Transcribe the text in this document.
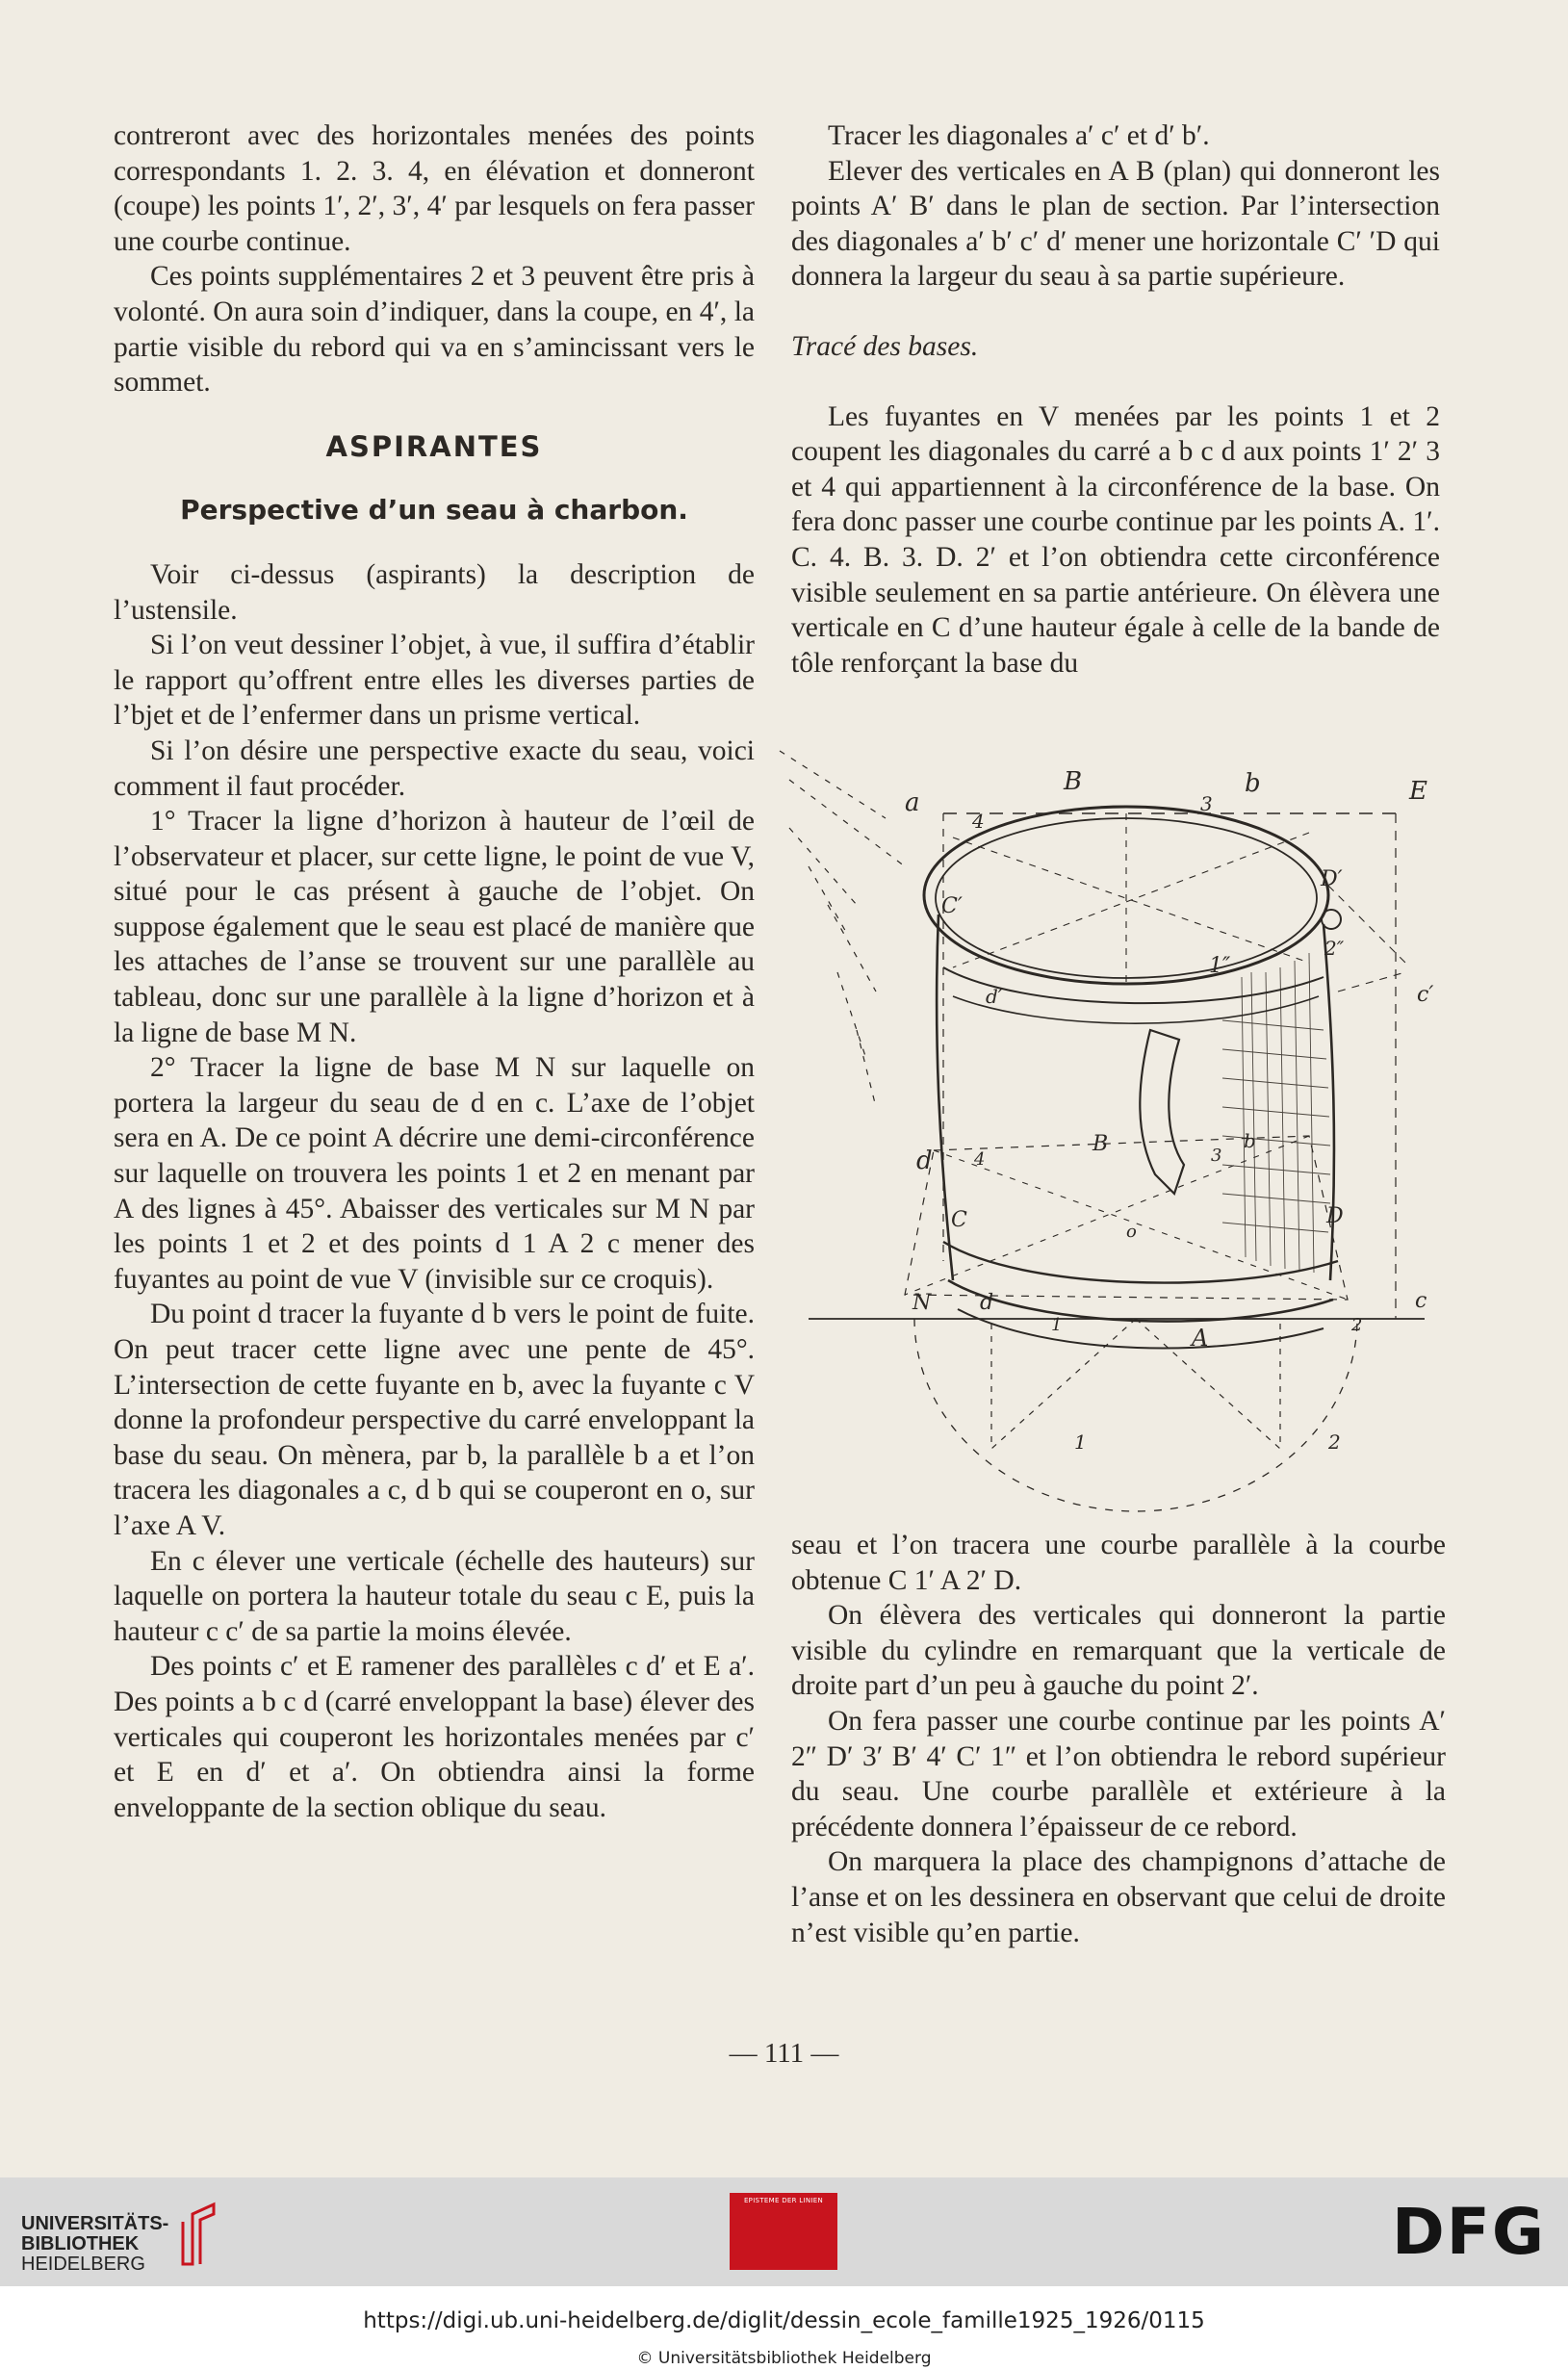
contreront avec des horizontales menées des points correspondants 1. 2. 3. 4, en élévation et donneront (coupe) les points 1′, 2′, 3′, 4′ par lesquels on fera passer une courbe continue.

Ces points supplémentaires 2 et 3 peuvent être pris à volonté. On aura soin d’indiquer, dans la coupe, en 4′, la partie visible du rebord qui va en s’amincissant vers le sommet.

ASPIRANTES
Perspective d’un seau à charbon.

Voir ci-dessus (aspirants) la description de l’ustensile.

Si l’on veut dessiner l’objet, à vue, il suffira d’établir le rapport qu’offrent entre elles les diverses parties de l’bjet et de l’enfermer dans un prisme vertical.

Si l’on désire une perspective exacte du seau, voici comment il faut procéder.

1° Tracer la ligne d’horizon à hauteur de l’œil de l’observateur et placer, sur cette ligne, le point de vue V, situé pour le cas présent à gauche de l’objet. On suppose également que le seau est placé de manière que les attaches de l’anse se trouvent sur une parallèle au tableau, donc sur une parallèle à la ligne d’horizon et à la ligne de base M N.

2° Tracer la ligne de base M N sur laquelle on portera la largeur du seau de d en c. L’axe de l’objet sera en A. De ce point A décrire une demi-circonférence sur laquelle on trouvera les points 1 et 2 en menant par A des lignes à 45°. Abaisser des verticales sur M N par les points 1 et 2 et des points d 1 A 2 c mener des fuyantes au point de vue V (invisible sur ce croquis).

Du point d tracer la fuyante d b vers le point de fuite. On peut tracer cette ligne avec une pente de 45°. L’intersection de cette fuyante en b, avec la fuyante c V donne la profondeur perspective du carré enveloppant la base du seau. On mènera, par b, la parallèle b a et l’on tracera les diagonales a c, d b qui se couperont en o, sur l’axe A V.

En c élever une verticale (échelle des hauteurs) sur laquelle on portera la hauteur totale du seau c E, puis la hauteur c c′ de sa partie la moins élevée.

Des points c′ et E ramener des parallèles c d′ et E a′. Des points a b c d (carré enveloppant la base) élever des verticales qui couperont les horizontales menées par c′ et E en d′ et a′. On obtiendra ainsi la forme enveloppante de la section oblique du seau.

Tracer les diagonales a′ c′ et d′ b′.

Elever des verticales en A B (plan) qui donneront les points A′ B′ dans le plan de section. Par l’intersection des diagonales a′ b′ c′ d′ mener une horizontale C′ ′D qui donnera la largeur du seau à sa partie supérieure.

Tracé des bases.

Les fuyantes en V menées par les points 1 et 2 coupent les diagonales du carré a b c d aux points 1′ 2′ 3 et 4 qui appartiennent à la circonférence de la base. On fera donc passer une courbe continue par les points A. 1′. C. 4. B. 3. D. 2′ et l’on obtiendra cette circonférence visible seulement en sa partie antérieure. On élèvera une verticale en C d’une hauteur égale à celle de la bande de tôle renforçant la base du

B	b	E
a
C′
D′
c′
d′
4
3
2″
1″
B	b
d 4	3
C	D
o
N d	c
A
1	2
1	2

seau et l’on tracera une courbe parallèle à la courbe obtenue C 1′ A 2′ D.

On élèvera des verticales qui donneront la partie visible du cylindre en remarquant que la verticale de droite part d’un peu à gauche du point 2′.

On fera passer une courbe continue par les points A′ 2″ D′ 3′ B′ 4′ C′ 1″ et l’on obtiendra le rebord supérieur du seau. Une courbe parallèle et extérieure à la précédente donnera l’épaisseur de ce rebord.

On marquera la place des champignons d’attache de l’anse et on les dessinera en observant que celui de droite n’est visible qu’en partie.

— 111 —
UNIVERSITÄTS-
BIBLIOTHEK
HEIDELBERG
EPISTEME DER LINIEN	DFG
https://digi.ub.uni-heidelberg.de/diglit/dessin_ecole_famille1925_1926/0115
© Universitätsbibliothek Heidelberg
